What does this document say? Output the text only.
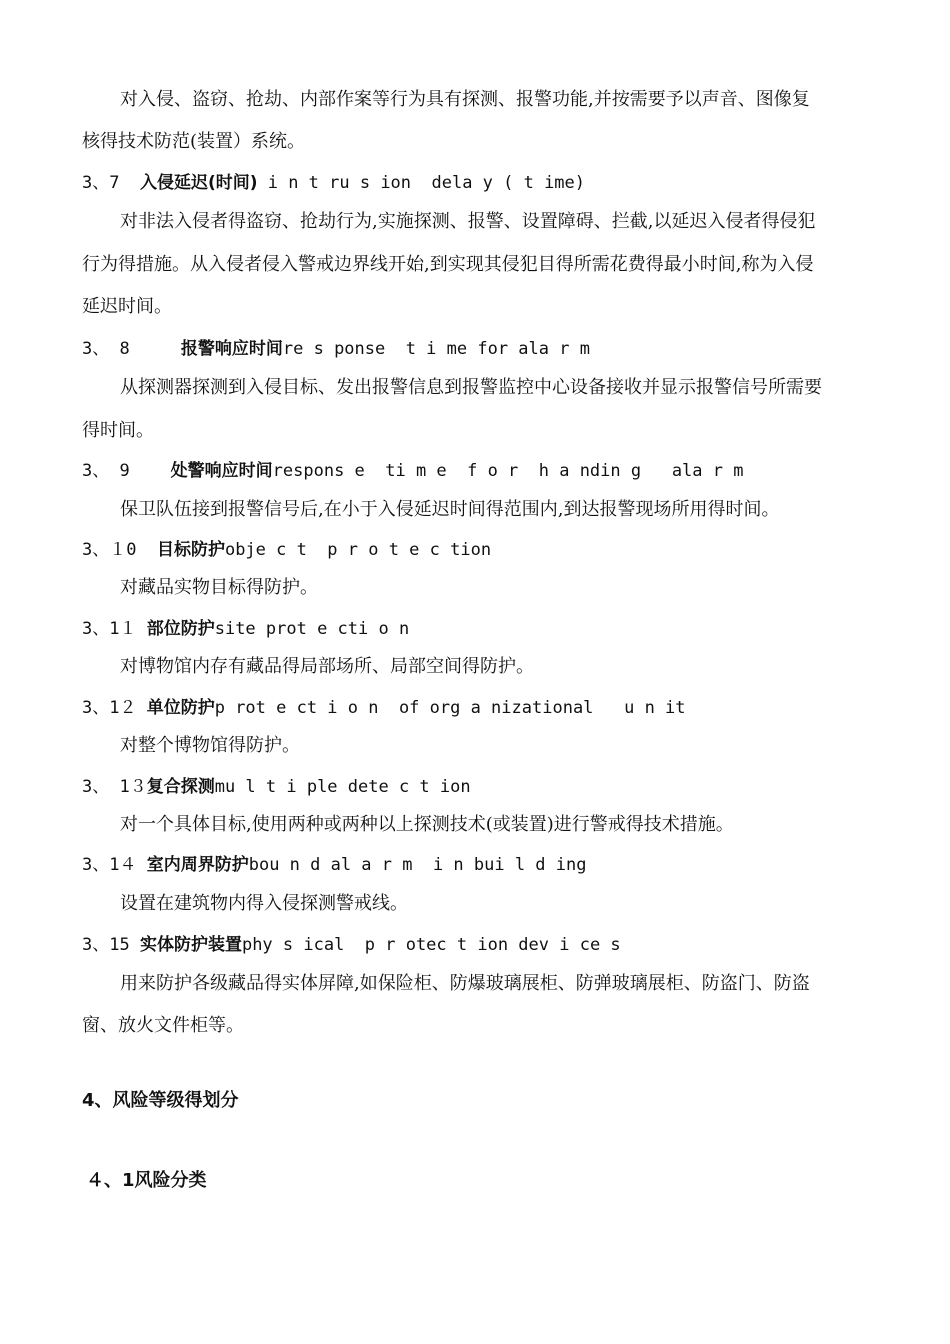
对入侵、盗窃、抢劫、内部作案等行为具有探测、报警功能,并按需要予以声音、图像复
核得技术防范(装置）系统。
3、7  入侵延迟(时间) i n t ru s ion  dela y ( t ime)
对非法入侵者得盗窃、抢劫行为,实施探测、报警、设置障碍、拦截,以延迟入侵者得侵犯
行为得措施。从入侵者侵入警戒边界线开始,到实现其侵犯目得所需花费得最小时间,称为入侵
延迟时间。
3、 8     报警响应时间re s ponse  t i me for ala r m
从探测器探测到入侵目标、发出报警信息到报警监控中心设备接收并显示报警信号所需要
得时间。
3、 9    处警响应时间respons e  ti m e  f o r  h a ndin g   ala r m
保卫队伍接到报警信号后,在小于入侵延迟时间得范围内,到达报警现场所用得时间。
3、１0  目标防护obje c t  p r o t e c tion
对藏品实物目标得防护。
3、1１ 部位防护site prot e cti o n
对博物馆内存有藏品得局部场所、局部空间得防护。
3、1２ 单位防护p rot e ct i o n  of org a nizational   u n it
对整个博物馆得防护。
3、 1３复合探测mu l t i ple dete c t ion
对一个具体目标,使用两种或两种以上探测技术(或装置)进行警戒得技术措施。
3、1４ 室内周界防护bou n d al a r m  i n bui l d ing
设置在建筑物内得入侵探测警戒线。
3、15 实体防护装置phy s ical  p r otec t ion dev i ce s
用来防护各级藏品得实体屏障,如保险柜、防爆玻璃展柜、防弹玻璃展柜、防盗门、防盗
窗、放火文件柜等。
4、风险等级得划分
４、1风险分类
